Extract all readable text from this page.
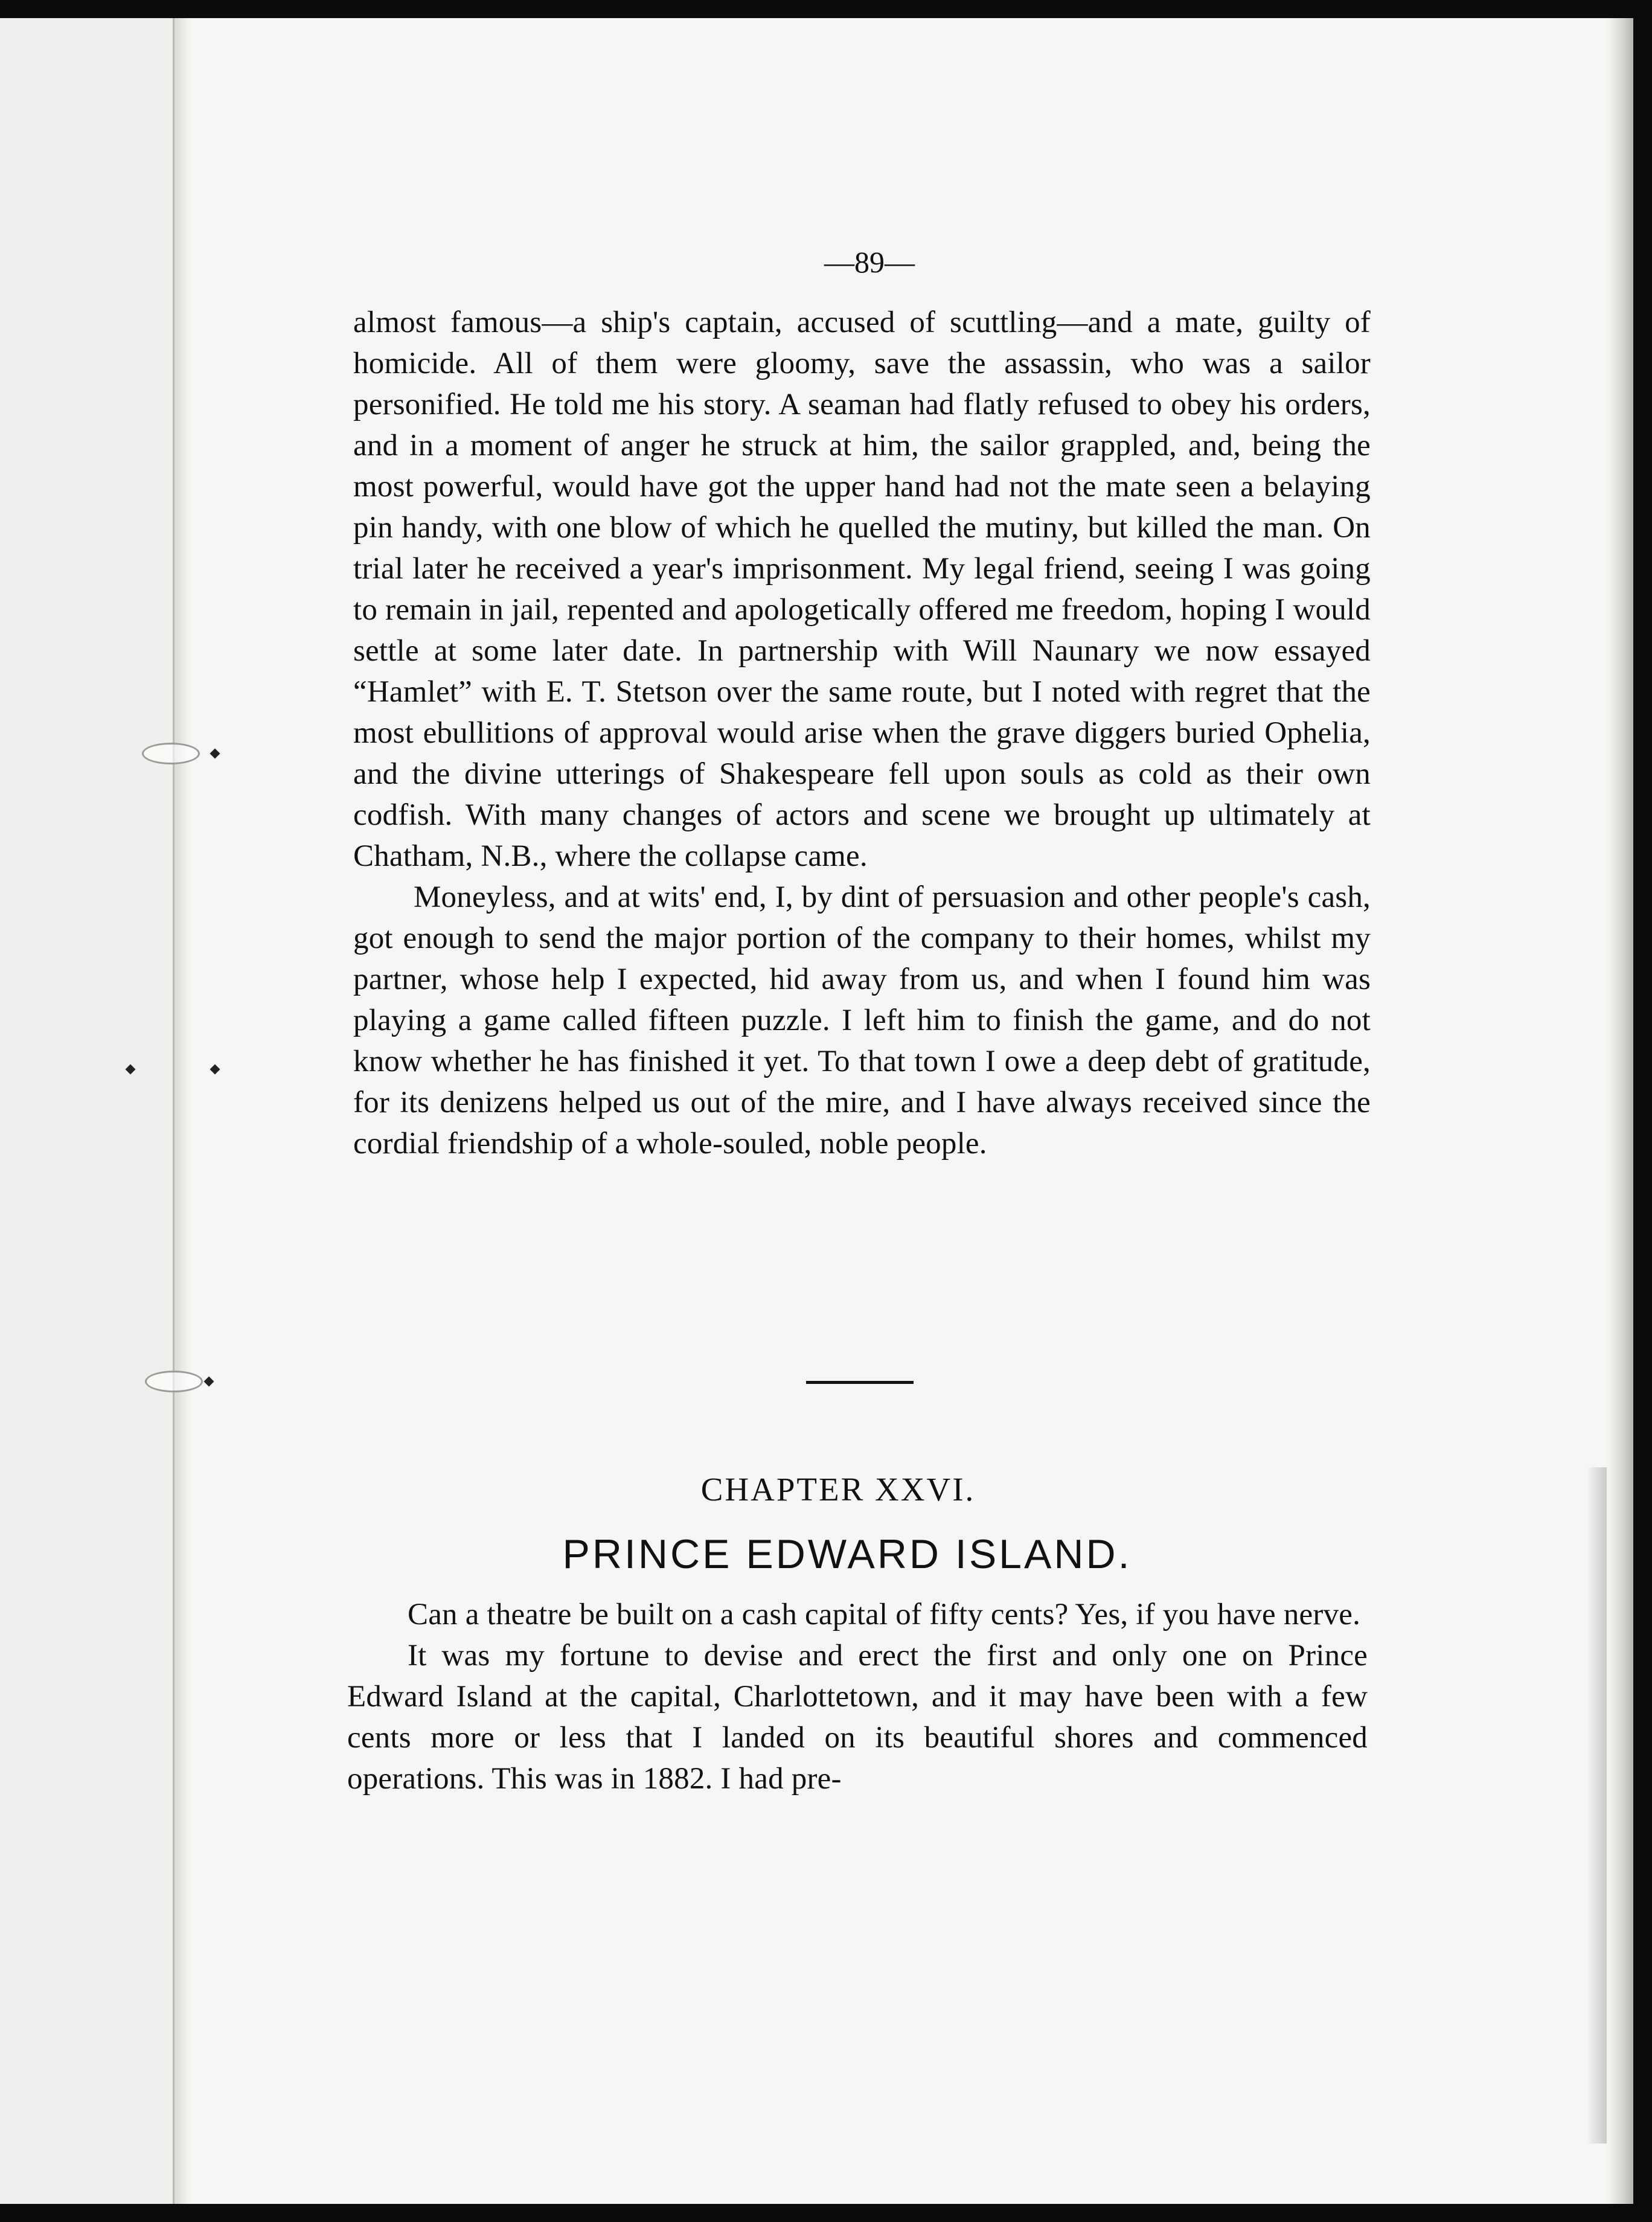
—89—

almost famous—a ship's captain, accused of scuttling—and a mate, guilty of homicide. All of them were gloomy, save the assassin, who was a sailor personified. He told me his story. A seaman had flatly refused to obey his orders, and in a moment of anger he struck at him, the sailor grappled, and, being the most powerful, would have got the upper hand had not the mate seen a belaying pin handy, with one blow of which he quelled the mutiny, but killed the man. On trial later he received a year's imprisonment. My legal friend, seeing I was going to remain in jail, repented and apologetically offered me freedom, hoping I would settle at some later date. In partnership with Will Naunary we now essayed “Hamlet” with E. T. Stetson over the same route, but I noted with regret that the most ebullitions of approval would arise when the grave diggers buried Ophelia, and the divine utterings of Shakespeare fell upon souls as cold as their own codfish. With many changes of actors and scene we brought up ultimately at Chatham, N.B., where the collapse came.

Moneyless, and at wits' end, I, by dint of persuasion and other people's cash, got enough to send the major portion of the company to their homes, whilst my partner, whose help I expected, hid away from us, and when I found him was playing a game called fifteen puzzle. I left him to finish the game, and do not know whether he has finished it yet. To that town I owe a deep debt of gratitude, for its denizens helped us out of the mire, and I have always received since the cordial friendship of a whole-souled, noble people.

CHAPTER XXVI.
PRINCE EDWARD ISLAND.

Can a theatre be built on a cash capital of fifty cents? Yes, if you have nerve.

It was my fortune to devise and erect the first and only one on Prince Edward Island at the capital, Charlottetown, and it may have been with a few cents more or less that I landed on its beautiful shores and commenced operations. This was in 1882. I had pre-
